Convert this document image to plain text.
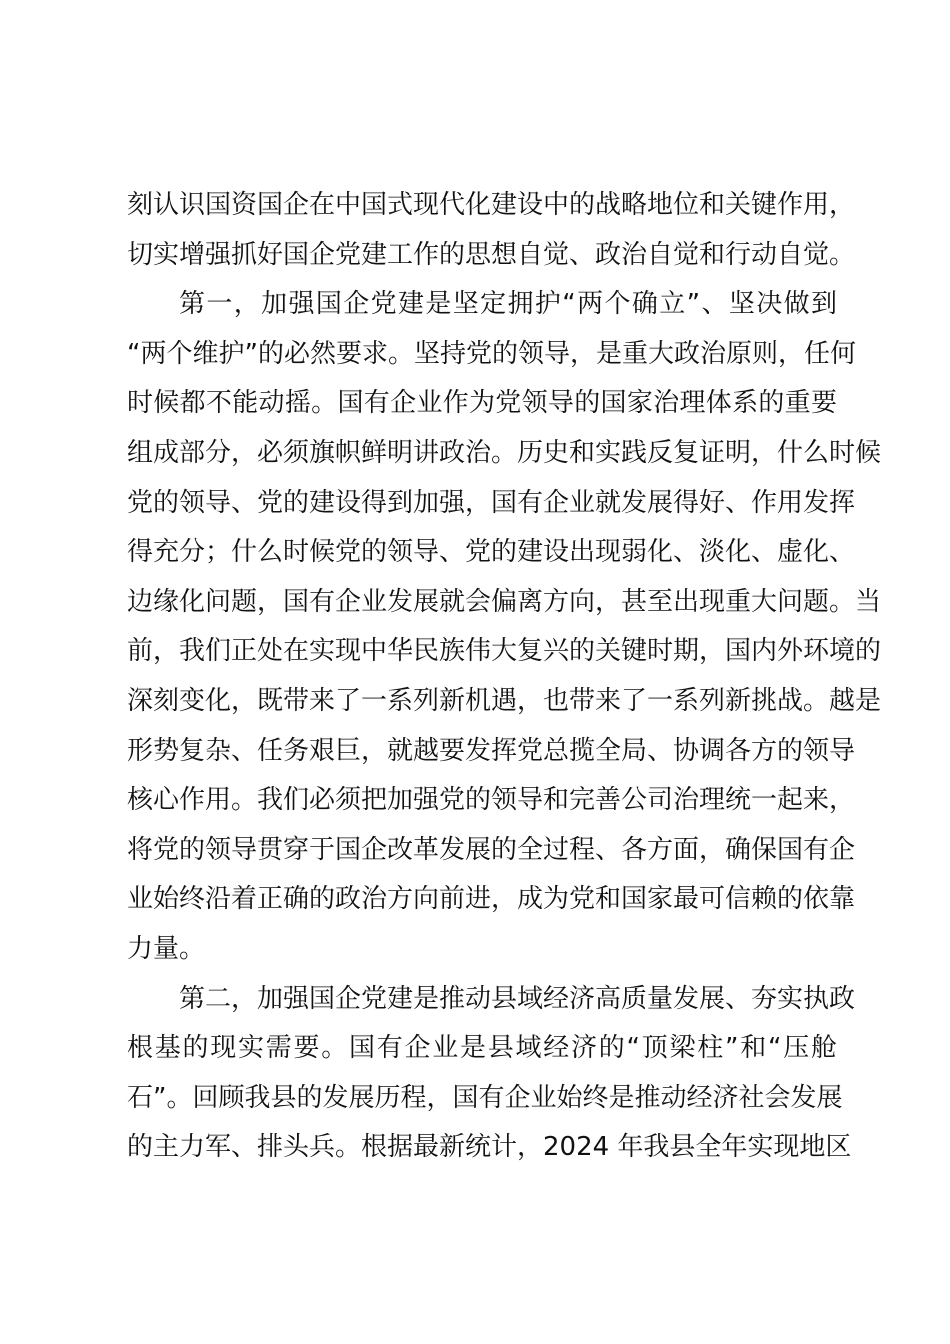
刻认识国资国企在中国式现代化建设中的战略地位和关键作用，
切实增强抓好国企党建工作的思想自觉、政治自觉和行动自觉。
第一，加强国企党建是坚定拥护“两个确立”、坚决做到
“两个维护”的必然要求。坚持党的领导，是重大政治原则，任何
时候都不能动摇。国有企业作为党领导的国家治理体系的重要
组成部分，必须旗帜鲜明讲政治。历史和实践反复证明，什么时候
党的领导、党的建设得到加强，国有企业就发展得好、作用发挥
得充分；什么时候党的领导、党的建设出现弱化、淡化、虚化、
边缘化问题，国有企业发展就会偏离方向，甚至出现重大问题。当
前，我们正处在实现中华民族伟大复兴的关键时期，国内外环境的
深刻变化，既带来了一系列新机遇，也带来了一系列新挑战。越是
形势复杂、任务艰巨，就越要发挥党总揽全局、协调各方的领导
核心作用。我们必须把加强党的领导和完善公司治理统一起来，
将党的领导贯穿于国企改革发展的全过程、各方面，确保国有企
业始终沿着正确的政治方向前进，成为党和国家最可信赖的依靠
力量。
第二，加强国企党建是推动县域经济高质量发展、夯实执政
根基的现实需要。国有企业是县域经济的“顶梁柱”和“压舱
石”。回顾我县的发展历程，国有企业始终是推动经济社会发展
的主力军、排头兵。根据最新统计，2024 年我县全年实现地区
